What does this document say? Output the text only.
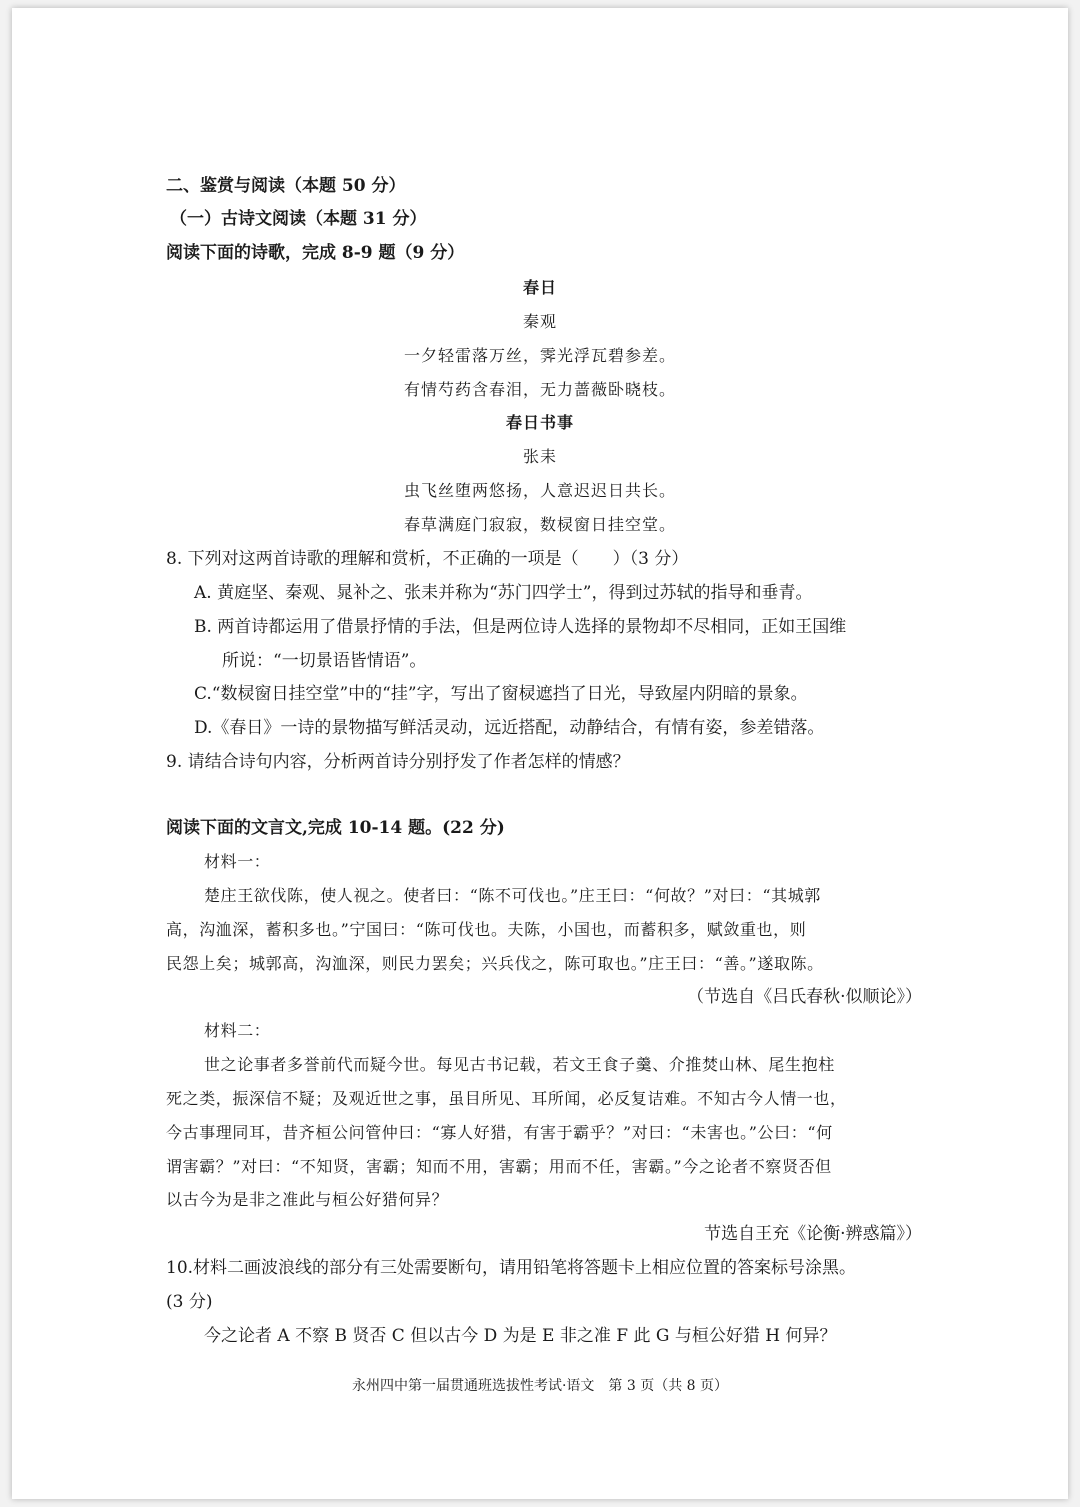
二、鉴赏与阅读（本题 50 分）
（一）古诗文阅读（本题 31 分）
阅读下面的诗歌，完成 8-9 题（9 分）
春日
秦观
一夕轻雷落万丝，霁光浮瓦碧参差。
有情芍药含春泪，无力蔷薇卧晓枝。
春日书事
张耒
虫飞丝堕两悠扬，人意迟迟日共长。
春草满庭门寂寂，数棂窗日挂空堂。
8. 下列对这两首诗歌的理解和赏析，不正确的一项是（　　）（3 分）
A. 黄庭坚、秦观、晁补之、张耒并称为“苏门四学士”，得到过苏轼的指导和垂青。
B. 两首诗都运用了借景抒情的手法，但是两位诗人选择的景物却不尽相同，正如王国维
所说：“一切景语皆情语”。
C.“数棂窗日挂空堂”中的“挂”字，写出了窗棂遮挡了日光，导致屋内阴暗的景象。
D.《春日》一诗的景物描写鲜活灵动，远近搭配，动静结合，有情有姿，参差错落。
9. 请结合诗句内容，分析两首诗分别抒发了作者怎样的情感？
阅读下面的文言文,完成 10-14 题。(22 分)
材料一：
楚庄王欲伐陈，使人视之。使者曰：“陈不可伐也。”庄王曰：“何故？”对曰：“其城郭
高，沟洫深，蓄积多也。”宁国曰：“陈可伐也。夫陈，小国也，而蓄积多，赋敛重也，则
民怨上矣；城郭高，沟洫深，则民力罢矣；兴兵伐之，陈可取也。”庄王曰：“善。”遂取陈。
（节选自《吕氏春秋·似顺论》）
材料二：
世之论事者多誉前代而疑今世。每见古书记载，若文王食子羹、介推焚山林、尾生抱柱
死之类，振深信不疑；及观近世之事，虽目所见、耳所闻，必反复诘难。不知古今人情一也，
今古事理同耳，昔齐桓公问管仲曰：“寡人好猎，有害于霸乎？”对曰：“未害也。”公曰：“何
谓害霸？”对曰：“不知贤，害霸；知而不用，害霸；用而不任，害霸。”今之论者不察贤否但
以古今为是非之准此与桓公好猎何异？
节选自王充《论衡·辨惑篇》）
10.材料二画波浪线的部分有三处需要断句，请用铅笔将答题卡上相应位置的答案标号涂黑。
(3 分)
今之论者 A 不察 B 贤否 C 但以古今 D 为是 E 非之准 F 此 G 与桓公好猎 H 何异？
永州四中第一届贯通班选拔性考试·语文　第 3 页（共 8 页）
